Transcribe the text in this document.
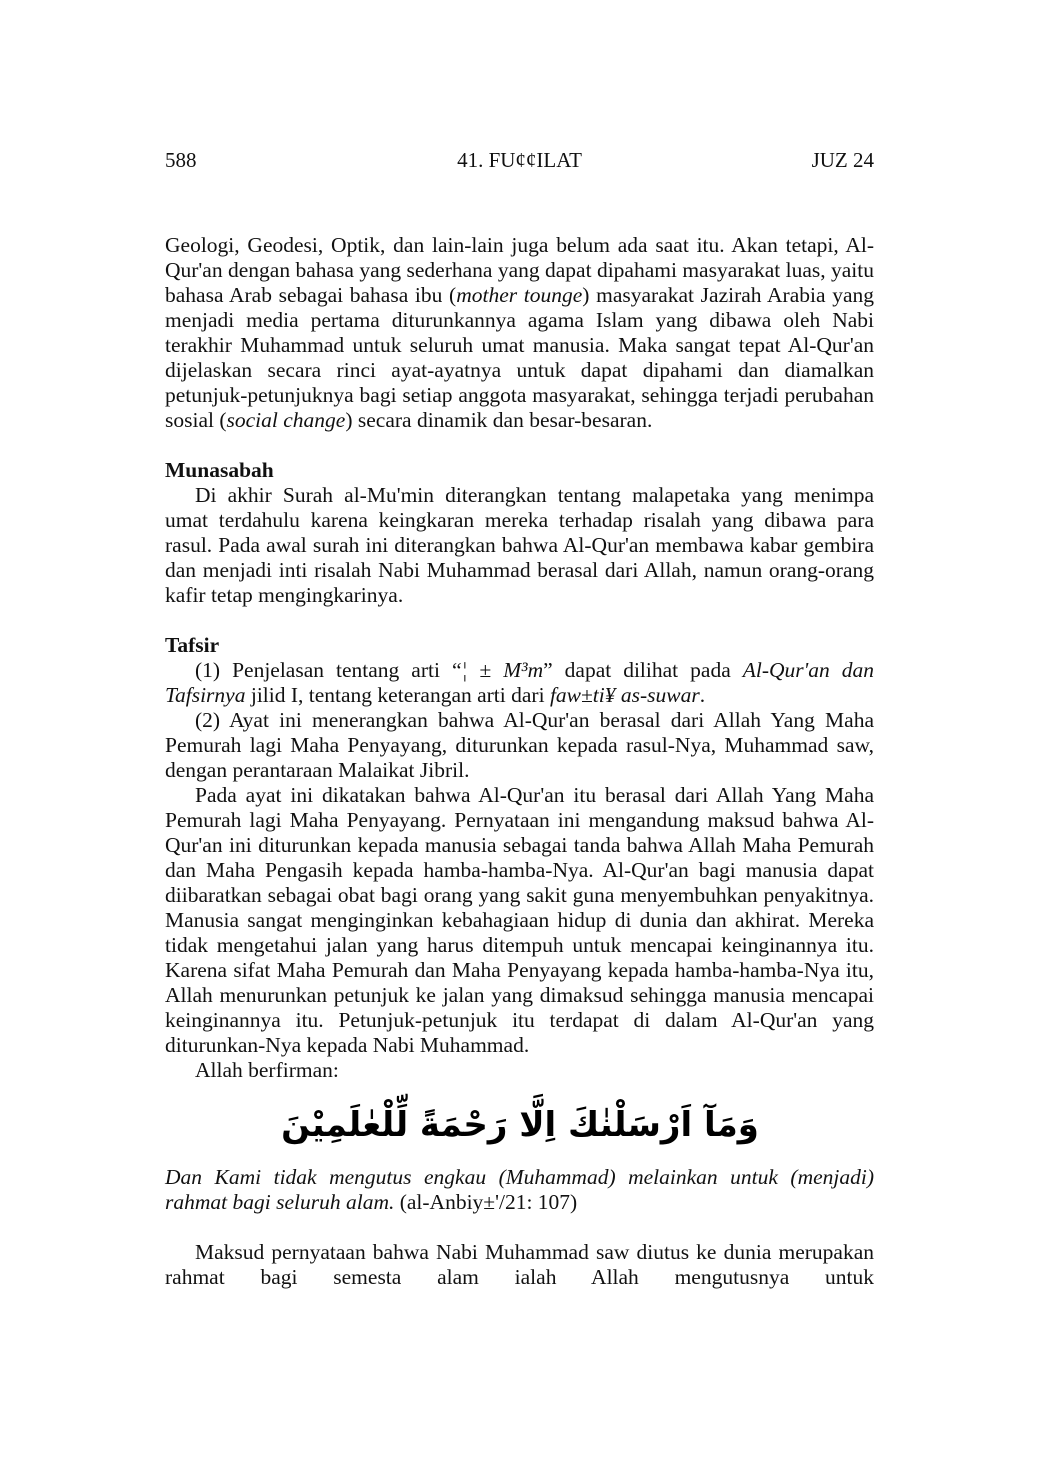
588	41. FU¢¢ILAT	JUZ 24

Geologi, Geodesi, Optik, dan lain-lain juga belum ada saat itu. Akan tetapi, Al-Qur'an dengan bahasa yang sederhana yang dapat dipahami masyarakat luas, yaitu bahasa Arab sebagai bahasa ibu (mother tounge) masyarakat Jazirah Arabia yang menjadi media pertama diturunkannya agama Islam yang dibawa oleh Nabi terakhir Muhammad untuk seluruh umat manusia. Maka sangat tepat Al-Qur'an dijelaskan secara rinci ayat-ayatnya untuk dapat dipahami dan diamalkan petunjuk-petunjuknya bagi setiap anggota masyarakat, sehingga terjadi perubahan sosial (social change) secara dinamik dan besar-besaran.

Munasabah

Di akhir Surah al-Mu'min diterangkan tentang malapetaka yang menimpa umat terdahulu karena keingkaran mereka terhadap risalah yang dibawa para rasul. Pada awal surah ini diterangkan bahwa Al-Qur'an membawa kabar gembira dan menjadi inti risalah Nabi Muhammad berasal dari Allah, namun orang-orang kafir tetap mengingkarinya.

Tafsir

(1) Penjelasan tentang arti “¦ ± M³m” dapat dilihat pada Al-Qur'an dan Tafsirnya jilid I, tentang keterangan arti dari faw±ti¥ as-suwar.

(2) Ayat ini menerangkan bahwa Al-Qur'an berasal dari Allah Yang Maha Pemurah lagi Maha Penyayang, diturunkan kepada rasul-Nya, Muhammad saw, dengan perantaraan Malaikat Jibril.

Pada ayat ini dikatakan bahwa Al-Qur'an itu berasal dari Allah Yang Maha Pemurah lagi Maha Penyayang. Pernyataan ini mengandung maksud bahwa Al-Qur'an ini diturunkan kepada manusia sebagai tanda bahwa Allah Maha Pemurah dan Maha Pengasih kepada hamba-hamba-Nya. Al-Qur'an bagi manusia dapat diibaratkan sebagai obat bagi orang yang sakit guna menyembuhkan penyakitnya. Manusia sangat menginginkan kebahagiaan hidup di dunia dan akhirat. Mereka tidak mengetahui jalan yang harus ditempuh untuk mencapai keinginannya itu. Karena sifat Maha Pemurah dan Maha Penyayang kepada hamba-hamba-Nya itu, Allah menurunkan petunjuk ke jalan yang dimaksud sehingga manusia mencapai keinginannya itu. Petunjuk-petunjuk itu terdapat di dalam Al-Qur'an yang diturunkan-Nya kepada Nabi Muhammad.

Allah berfirman:

وَمَآ اَرْسَلْنٰكَ اِلَّا رَحْمَةً لِّلْعٰلَمِيْنَ

Dan Kami tidak mengutus engkau (Muhammad) melainkan untuk (menjadi) rahmat bagi seluruh alam. (al-Anbiy±'/21: 107)

Maksud pernyataan bahwa Nabi Muhammad saw diutus ke dunia merupakan rahmat bagi semesta alam ialah Allah mengutusnya untuk
